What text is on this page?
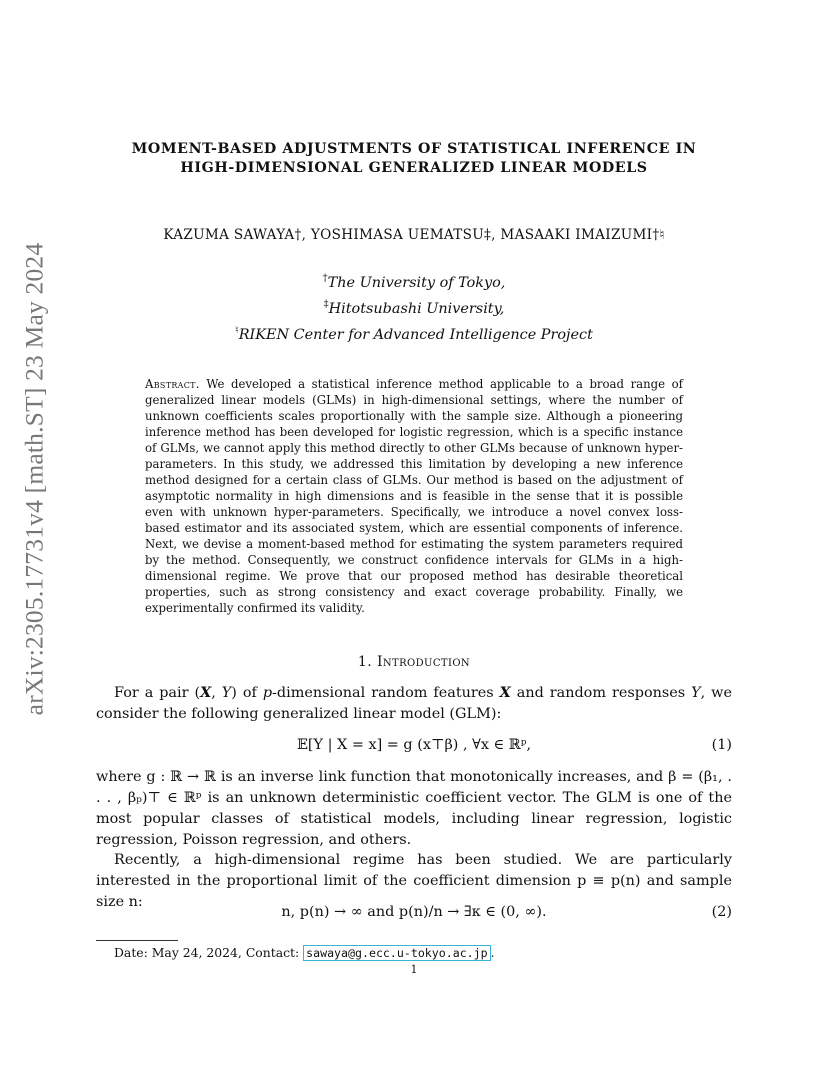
arXiv:2305.17731v4 [math.ST] 23 May 2024
MOMENT-BASED ADJUSTMENTS OF STATISTICAL INFERENCE IN
HIGH-DIMENSIONAL GENERALIZED LINEAR MODELS
KAZUMA SAWAYA†, YOSHIMASA UEMATSU‡, MASAAKI IMAIZUMI†♮
†The University of Tokyo,
‡Hitotsubashi University,
♮RIKEN Center for Advanced Intelligence Project
Abstract. We developed a statistical inference method applicable to a broad range of generalized linear models (GLMs) in high-dimensional settings, where the number of unknown coefficients scales proportionally with the sample size. Although a pioneering inference method has been developed for logistic regression, which is a specific instance of GLMs, we cannot apply this method directly to other GLMs because of unknown hyper-parameters. In this study, we addressed this limitation by developing a new inference method designed for a certain class of GLMs. Our method is based on the adjustment of asymptotic normality in high dimensions and is feasible in the sense that it is possible even with unknown hyper-parameters. Specifically, we introduce a novel convex loss-based estimator and its associated system, which are essential components of inference. Next, we devise a moment-based method for estimating the system parameters required by the method. Consequently, we construct confidence intervals for GLMs in a high-dimensional regime. We prove that our proposed method has desirable theoretical properties, such as strong consistency and exact coverage probability. Finally, we experimentally confirmed its validity.
1. Introduction
For a pair (X, Y) of p-dimensional random features X and random responses Y, we consider the following generalized linear model (GLM):
𝔼[Y | X = x] = g (x⊤β) , ∀x ∈ ℝᵖ,	(1)
where g : ℝ → ℝ is an inverse link function that monotonically increases, and β = (β₁, . . . , βₚ)⊤ ∈ ℝᵖ is an unknown deterministic coefficient vector. The GLM is one of the most popular classes of statistical models, including linear regression, logistic regression, Poisson regression, and others.
Recently, a high-dimensional regime has been studied. We are particularly interested in the proportional limit of the coefficient dimension p ≡ p(n) and sample size n:
n, p(n) → ∞ and p(n)/n → ∃κ ∈ (0, ∞).	(2)
Date: May 24, 2024, Contact: sawaya@g.ecc.u-tokyo.ac.jp .
1
